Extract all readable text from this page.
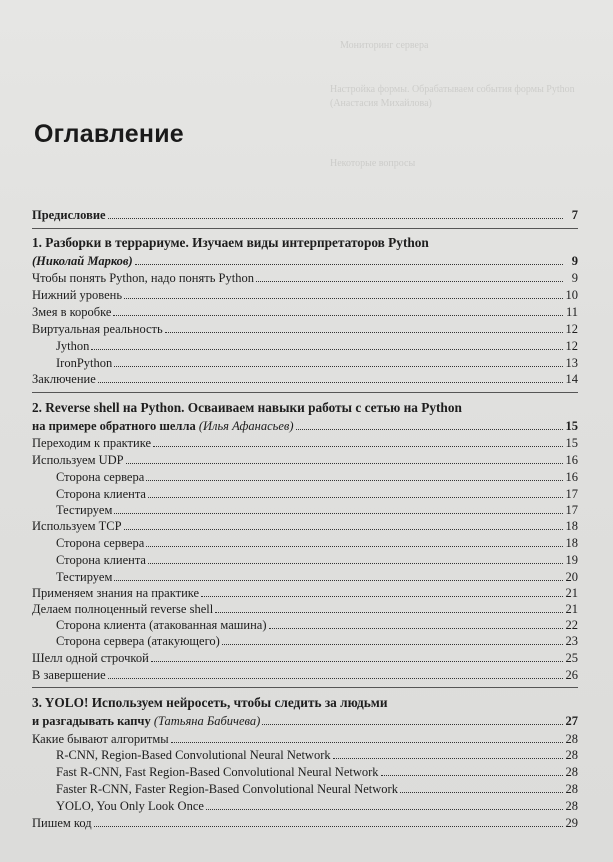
Мониторинг сервера
Настройка формы. Обрабатываем события формы Python
(Анастасия Михайлова)
Некоторые вопросы
Оглавление
Предисловие	7
1. Разборки в террариуме. Изучаем виды интерпретаторов Python
(Николай Марков)	9
Чтобы понять Python, надо понять Python	9
Нижний уровень	10
Змея в коробке	11
Виртуальная реальность	12
Jython	12
IronPython	13
Заключение	14
2. Reverse shell на Python. Осваиваем навыки работы с сетью на Python
на примере обратного шелла (Илья Афанасьев)	15
Переходим к практике	15
Используем UDP	16
Сторона сервера	16
Сторона клиента	17
Тестируем	17
Используем TCP	18
Сторона сервера	18
Сторона клиента	19
Тестируем	20
Применяем знания на практике	21
Делаем полноценный reverse shell	21
Сторона клиента (атакованная машина)	22
Сторона сервера (атакующего)	23
Шелл одной строчкой	25
В завершение	26
3. YOLO! Используем нейросеть, чтобы следить за людьми
и разгадывать капчу (Татьяна Бабичева)	27
Какие бывают алгоритмы	28
R-CNN, Region-Based Convolutional Neural Network	28
Fast R-CNN, Fast Region-Based Convolutional Neural Network	28
Faster R-CNN, Faster Region-Based Convolutional Neural Network	28
YOLO, You Only Look Once	28
Пишем код	29
